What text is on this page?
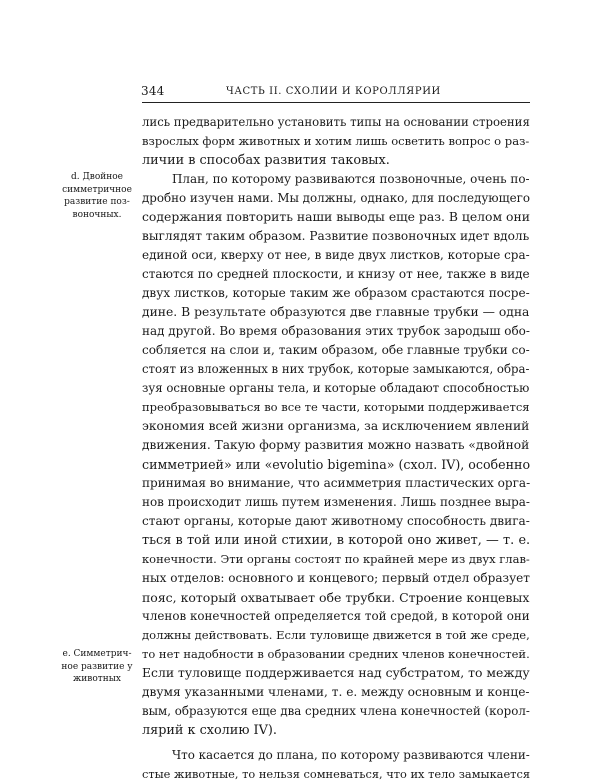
344	ЧАСТЬ II. СХОЛИИ И КОРОЛЛЯРИИ
d. Двойное
симметричное
развитие поз-
воночных.
e. Симметрич-
ное развитие у
животных
лись предварительно установить типы на основании строения
взрослых форм животных и хотим лишь осветить вопрос о раз-
личии в способах развития таковых.
План, по которому развиваются позвоночные, очень по-
дробно изучен нами. Мы должны, однако, для последующего
содержания повторить наши выводы еще раз. В целом они
выглядят таким образом. Развитие позвоночных идет вдоль
единой оси, кверху от нее, в виде двух листков, которые сра-
стаются по средней плоскости, и книзу от нее, также в виде
двух листков, которые таким же образом срастаются посре-
дине. В результате образуются две главные трубки — одна
над другой. Во время образования этих трубок зародыш обо-
собляется на слои и, таким образом, обе главные трубки со-
стоят из вложенных в них трубок, которые замыкаются, обра-
зуя основные органы тела, и которые обладают способностью
преобразовываться во все те части, которыми поддерживается
экономия всей жизни организма, за исключением явлений
движения. Такую форму развития можно назвать «двойной
симметрией» или «evolutio bigemina» (схол. IV), особенно
принимая во внимание, что асимметрия пластических орга-
нов происходит лишь путем изменения. Лишь позднее выра-
стают органы, которые дают животному способность двига-
ться в той или иной стихии, в которой оно живет, — т. е.
конечности. Эти органы состоят по крайней мере из двух глав-
ных отделов: основного и концевого; первый отдел образует
пояс, который охватывает обе трубки. Строение концевых
членов конечностей определяется той средой, в которой они
должны действовать. Если туловище движется в той же среде,
то нет надобности в образовании средних членов конечностей.
Если туловище поддерживается над субстратом, то между
двумя указанными членами, т. е. между основным и конце-
вым, образуются еще два средних члена конечностей (корол-
лярий к схолию IV).
Что касается до плана, по которому развиваются члени-
стые животные, то нельзя сомневаться, что их тело замыкается
